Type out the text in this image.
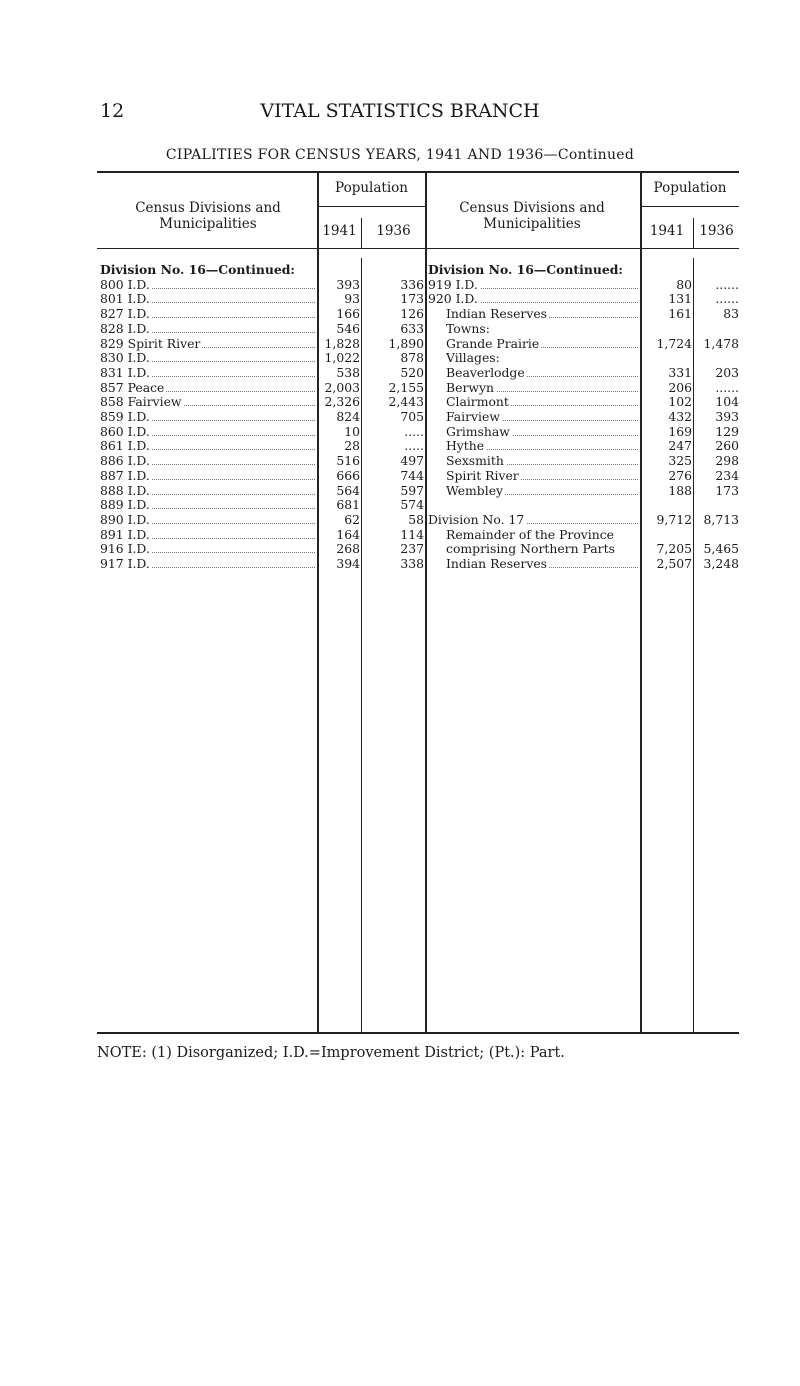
12	VITAL STATISTICS BRANCH
CIPALITIES FOR CENSUS YEARS, 1941 AND 1936—Continued
Census Divisions and Municipalities
Population
1941	1936
Census Divisions and Municipalities
Population
1941	1936
Division No. 16—Continued:
800 I.D.	393	336
801 I.D.	93	173
827 I.D.	166	126
828 I.D.	546	633
829 Spirit River	1,828	1,890
830 I.D.	1,022	878
831 I.D.	538	520
857 Peace	2,003	2,155
858 Fairview	2,326	2,443
859 I.D.	824	705
860 I.D.	10	.....
861 I.D.	28	.....
886 I.D.	516	497
887 I.D.	666	744
888 I.D.	564	597
889 I.D.	681	574
890 I.D.	62	58
891 I.D.	164	114
916 I.D.	268	237
917 I.D.	394	338
Division No. 16—Continued:
919 I.D.	80	......
920 I.D.	131	......
Indian Reserves	161	83
Towns:
Grande Prairie	1,724 1,478
Villages:
Beaverlodge	331	203
Berwyn	206	......
Clairmont	102	104
Fairview	432	393
Grimshaw	169	129
Hythe	247	260
Sexsmith	325	298
Spirit River	276	234
Wembley	188	173
Division No. 17	9,712 8,713
Remainder of the Province
comprising Northern Parts	7,205 5,465
Indian Reserves	2,507 3,248
NOTE: (1) Disorganized; I.D.=Improvement District; (Pt.): Part.
